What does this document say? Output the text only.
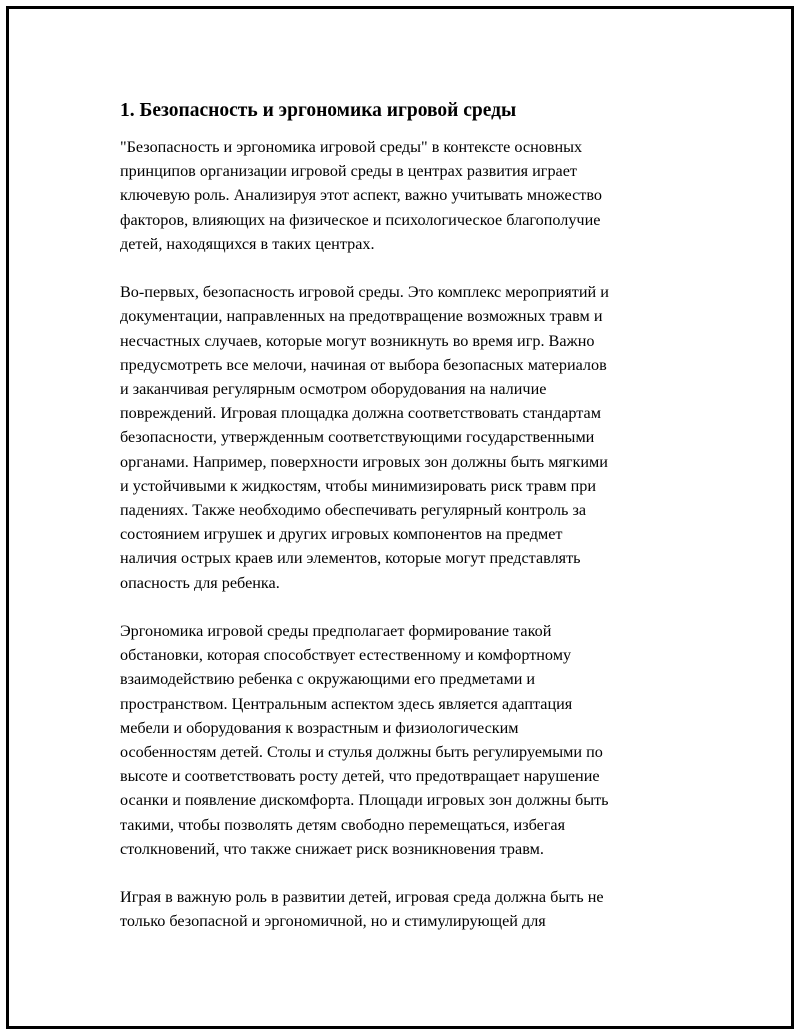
1. Безопасность и эргономика игровой среды
"Безопасность и эргономика игровой среды" в контексте основных
принципов организации игровой среды в центрах развития играет
ключевую роль. Анализируя этот аспект, важно учитывать множество
факторов, влияющих на физическое и психологическое благополучие
детей, находящихся в таких центрах.
Во-первых, безопасность игровой среды. Это комплекс мероприятий и
документации, направленных на предотвращение возможных травм и
несчастных случаев, которые могут возникнуть во время игр. Важно
предусмотреть все мелочи, начиная от выбора безопасных материалов
и заканчивая регулярным осмотром оборудования на наличие
повреждений. Игровая площадка должна соответствовать стандартам
безопасности, утвержденным соответствующими государственными
органами. Например, поверхности игровых зон должны быть мягкими
и устойчивыми к жидкостям, чтобы минимизировать риск травм при
падениях. Также необходимо обеспечивать регулярный контроль за
состоянием игрушек и других игровых компонентов на предмет
наличия острых краев или элементов, которые могут представлять
опасность для ребенка.
Эргономика игровой среды предполагает формирование такой
обстановки, которая способствует естественному и комфортному
взаимодействию ребенка с окружающими его предметами и
пространством. Центральным аспектом здесь является адаптация
мебели и оборудования к возрастным и физиологическим
особенностям детей. Столы и стулья должны быть регулируемыми по
высоте и соответствовать росту детей, что предотвращает нарушение
осанки и появление дискомфорта. Площади игровых зон должны быть
такими, чтобы позволять детям свободно перемещаться, избегая
столкновений, что также снижает риск возникновения травм.
Играя в важную роль в развитии детей, игровая среда должна быть не
только безопасной и эргономичной, но и стимулирующей для
